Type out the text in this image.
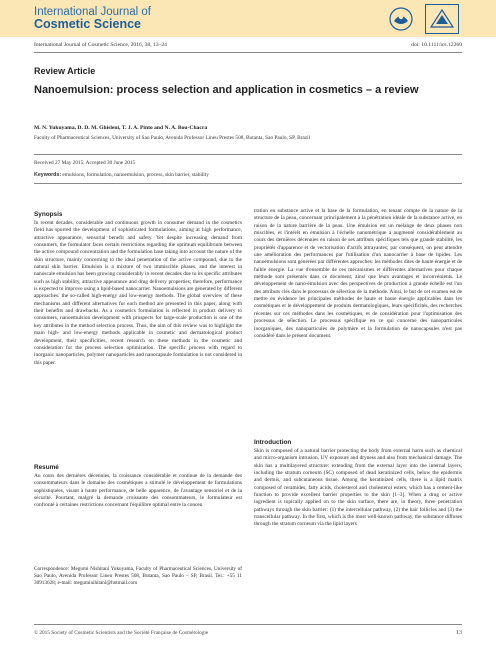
International Journal of
Cosmetic Science
International Journal of Cosmetic Science, 2016, 38, 13–24	doi: 10.1111/ics.12260
Review Article
Nanoemulsion: process selection and application in cosmetics – a review
M. N. Yukuyama, D. D. M. Ghisleni, T. J. A. Pinto and N. A. Bou-Chacra
Faculty of Pharmaceutical Sciences, University of Sao Paulo, Avenida Professor Lineu Prestes 508, Butanta, Sao Paulo, SP, Brazil
Received 27 May 2015, Accepted 30 June 2015
Keywords: emulsions, formulation, nanoemulsion, process, skin barrier, stability
Synopsis

In recent decades, considerable and continuous growth in consumer demand in the cosmetics field has spurred the development of sophisticated formulations, aiming at high performance, attractive appearance, sensorial benefit and safety. Yet despite increasing demand from consumers, the formulator faces certain restrictions regarding the optimum equilibrium between the active compound concentration and the formulation base taking into account the nature of the skin structure, mainly concerning to the ideal penetration of the active compound, due to the natural skin barrier. Emulsion is a mixture of two immiscible phases, and the interest in nanoscale emulsion has been growing considerably in recent decades due to its specific attributes such as high stability, attractive appearance and drug delivery properties; therefore, performance is expected to improve using a lipid-based nanocarrier. Nanoemulsions are generated by different approaches: the so-called high-energy and low-energy methods. The global overview of these mechanisms and different alternatives for each method are presented in this paper, along with their benefits and drawbacks. As a cosmetics formulation is reflected in product delivery to consumers, nanoemulsion development with prospects for large-scale production is one of the key attributes in the method selection process. Thus, the aim of this review was to highlight the main high- and low-energy methods applicable in cosmetic and dermatological product development, their specificities, recent research on these methods in the cosmetic and consideration for the process selection optimization. The specific process with regard to inorganic nanoparticles, polymer nanoparticles and nanocapsule formulation is not considered in this paper.

Resumé

Au cours des dernières décennies, la croissance considérable et continue de la demande des consommateurs dans le domaine des cosmétiques a stimulé le développement de formulations sophistiquées, visant à haute performance, de belle apparence, de l'avantage sensoriel et de la sécurité. Pourtant, malgré la demande croissante des consommateurs, le formulateur est confronté à certaines restrictions concernant l'équilibre optimal entre la concen

Correspondence: Megumi Nishitani Yukuyama, Faculty of Pharmaceutical Sciences, University of Sao Paulo, Avenida Professor Lineu Prestes 508, Butanta, Sao Paulo – SP, Brasil. Tel.: +55 11 30913628; e-mail: meguminihitani@hotmail.com

tration en substance active et la base de la formulation, en tenant compte de la nature de la structure de la peau, concernant principalement à la pénétration idéale de la substance active, en raison de la nature barrière de la peau. Une émulsion est un mélange de deux phases non miscibles, et l'intérêt en émulsion à l'échelle nanométrique a augmenté considérablement au cours des dernières décennies en raison de ses attributs spécifiques tels que grande stabilité, les propriétés d'apparence et de vectorisation d'actifs attrayantes; par conséquent, on peut attendre une amélioration des performances par l'utilisation d'un nanocarrier à base de lipides. Les nanoémulsions sont générées par différentes approches: les méthodes dites de haute énergie et de faible énergie. La vue d'ensemble de ces mécanismes et différentes alternatives pour chaque méthode sont présentés dans ce document, ainsi que leurs avantages et inconvénients. Le développement de nano-émulsion avec des perspectives de production à grande échelle est l'un des attributs clés dans le processus de sélection de la méthode. Ainsi, le but de cet examen est de mettre en évidence les principales méthodes de haute et basse énergie applicables dans les cosmétiques et le développement de produits dermatologiques, leurs spécificités, des recherches récentes sur ces méthodes dans les cosmétiques, et de considération pour l'optimisation des processus de sélection. Le processus spécifique en ce qui concerne des nanoparticules inorganiques, des nanoparticules de polymère et la formulation de nanocapsules n'est pas considéré dans le présent document.

Introduction

Skin is composed of a natural barrier protecting the body from external harm such as chemical and micro-organism intrusion, UV exposure and dryness and also from mechanical damage. The skin has a multilayered structure: extending from the external layer into the internal layers, including the stratum corneum (SC) composed of dead keratinized cells, below the epidermis and dermis, and subcutaneous tissue. Among the keratinized cells, there is a lipid matrix composed of ceramides, fatty acids, cholesterol and cholesterol esters, which has a cement-like function to provide excellent barrier properties to the skin [1–3]. When a drug or active ingredient is topically applied on to the skin surface, there are, in theory, three penetration pathways through the skin barrier: (1) the intercellular pathway, (2) the hair follicles and (3) the transcellular pathway. In the first, which is the most well-known pathway, the substance diffuses through the stratum corneum via the lipid layers

© 2015 Society of Cosmetic Scientists and the Société Française de Cosmétologie	13
